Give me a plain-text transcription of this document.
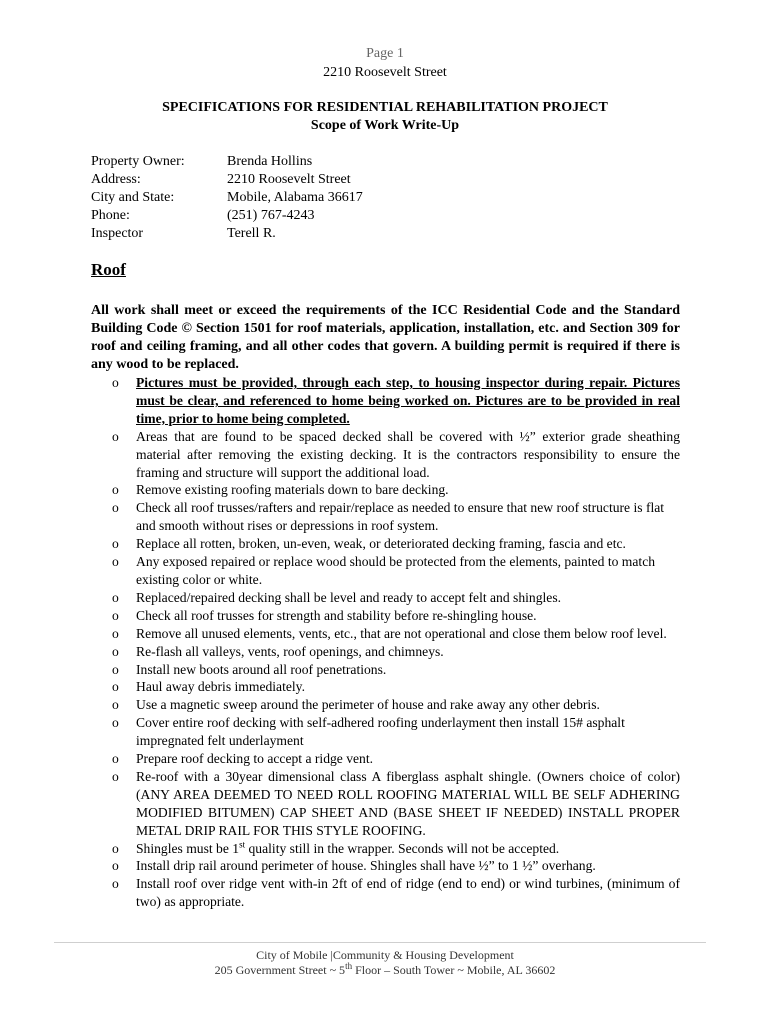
Page 1
2210 Roosevelt Street
SPECIFICATIONS FOR RESIDENTIAL REHABILITATION PROJECT
Scope of Work Write-Up
Property Owner:	Brenda Hollins
Address:	2210 Roosevelt Street
City and State:	Mobile, Alabama 36617
Phone:	(251) 767-4243
Inspector	Terell R.
Roof
All work shall meet or exceed the requirements of the ICC Residential Code and the Standard Building Code © Section 1501 for roof materials, application, installation, etc. and Section 309 for roof and ceiling framing, and all other codes that govern. A building permit is required if there is any wood to be replaced.
o Pictures must be provided, through each step, to housing inspector during repair. Pictures must be clear, and referenced to home being worked on. Pictures are to be provided in real time, prior to home being completed.
o Areas that are found to be spaced decked shall be covered with ½” exterior grade sheathing material after removing the existing decking. It is the contractors responsibility to ensure the framing and structure will support the additional load.
o Remove existing roofing materials down to bare decking.
o Check all roof trusses/rafters and repair/replace as needed to ensure that new roof structure is flat and smooth without rises or depressions in roof system.
o Replace all rotten, broken, un-even, weak, or deteriorated decking framing, fascia and etc.
o Any exposed repaired or replace wood should be protected from the elements, painted to match existing color or white.
o Replaced/repaired decking shall be level and ready to accept felt and shingles.
o Check all roof trusses for strength and stability before re-shingling house.
o Remove all unused elements, vents, etc., that are not operational and close them below roof level.
o Re-flash all valleys, vents, roof openings, and chimneys.
o Install new boots around all roof penetrations.
o Haul away debris immediately.
o Use a magnetic sweep around the perimeter of house and rake away any other debris.
o Cover entire roof decking with self-adhered roofing underlayment then install 15# asphalt impregnated felt underlayment
o Prepare roof decking to accept a ridge vent.
o Re-roof with a 30year dimensional class A fiberglass asphalt shingle. (Owners choice of color) (ANY AREA DEEMED TO NEED ROLL ROOFING MATERIAL WILL BE SELF ADHERING MODIFIED BITUMEN) CAP SHEET AND (BASE SHEET IF NEEDED) INSTALL PROPER METAL DRIP RAIL FOR THIS STYLE ROOFING.
o Shingles must be 1st quality still in the wrapper. Seconds will not be accepted.
o Install drip rail around perimeter of house. Shingles shall have ½” to 1 ½” overhang.
o Install roof over ridge vent with-in 2ft of end of ridge (end to end) or wind turbines, (minimum of two) as appropriate.
City of Mobile |Community & Housing Development
205 Government Street ~ 5th Floor – South Tower ~ Mobile, AL 36602
